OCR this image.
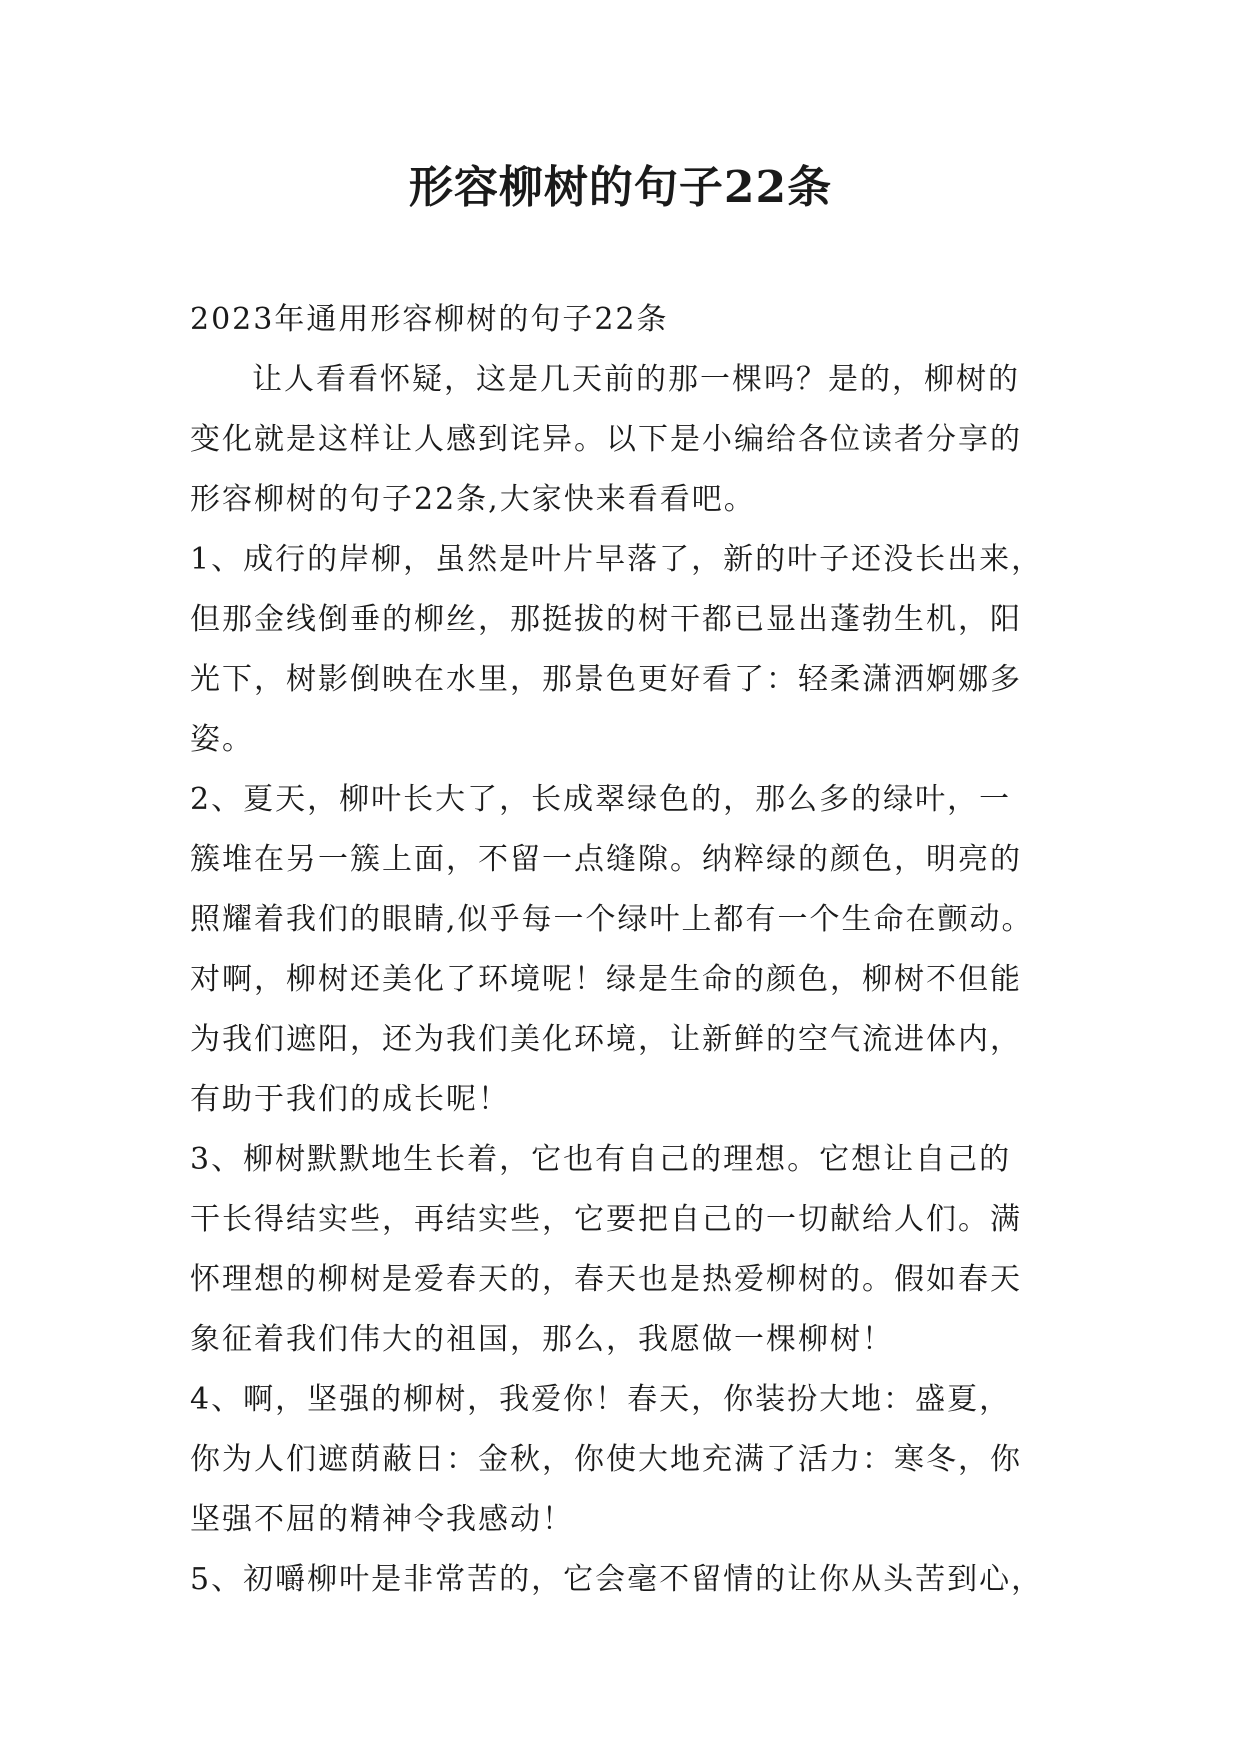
形容柳树的句子22条
2023年通用形容柳树的句子22条
让人看看怀疑，这是几天前的那一棵吗？是的，柳树的
变化就是这样让人感到诧异。以下是小编给各位读者分享的
形容柳树的句子22条,大家快来看看吧。
1、成行的岸柳，虽然是叶片早落了，新的叶子还没长出来，
但那金线倒垂的柳丝，那挺拔的树干都已显出蓬勃生机，阳
光下，树影倒映在水里，那景色更好看了：轻柔潇洒婀娜多
姿。
2、夏天，柳叶长大了，长成翠绿色的，那么多的绿叶，一
簇堆在另一簇上面，不留一点缝隙。纳粹绿的颜色，明亮的
照耀着我们的眼睛,似乎每一个绿叶上都有一个生命在颤动。
对啊，柳树还美化了环境呢！绿是生命的颜色，柳树不但能
为我们遮阳，还为我们美化环境，让新鲜的空气流进体内，
有助于我们的成长呢！
3、柳树默默地生长着，它也有自己的理想。它想让自己的
干长得结实些，再结实些，它要把自己的一切献给人们。满
怀理想的柳树是爱春天的，春天也是热爱柳树的。假如春天
象征着我们伟大的祖国，那么，我愿做一棵柳树！
4、啊，坚强的柳树，我爱你！春天，你装扮大地：盛夏，
你为人们遮荫蔽日：金秋，你使大地充满了活力：寒冬，你
坚强不屈的精神令我感动！
5、初嚼柳叶是非常苦的，它会毫不留情的让你从头苦到心，
